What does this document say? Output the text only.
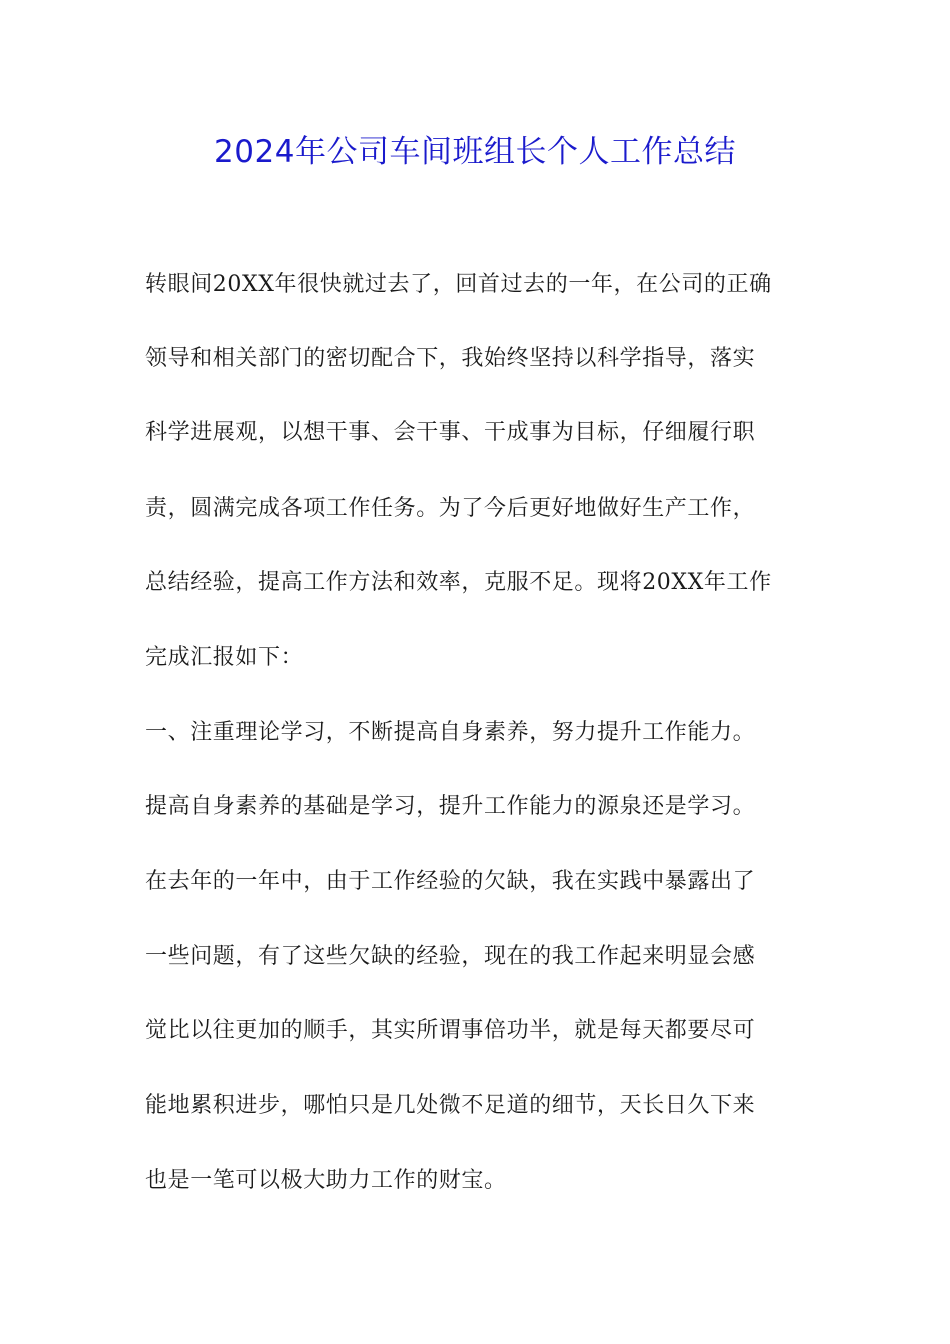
2024年公司车间班组长个人工作总结
转眼间20XX年很快就过去了，回首过去的一年，在公司的正确
领导和相关部门的密切配合下，我始终坚持以科学指导，落实
科学进展观，以想干事、会干事、干成事为目标，仔细履行职
责，圆满完成各项工作任务。为了今后更好地做好生产工作，
总结经验，提高工作方法和效率，克服不足。现将20XX年工作
完成汇报如下：
一、注重理论学习，不断提高自身素养，努力提升工作能力。
提高自身素养的基础是学习，提升工作能力的源泉还是学习。
在去年的一年中，由于工作经验的欠缺，我在实践中暴露出了
一些问题，有了这些欠缺的经验，现在的我工作起来明显会感
觉比以往更加的顺手，其实所谓事倍功半，就是每天都要尽可
能地累积进步，哪怕只是几处微不足道的细节，天长日久下来
也是一笔可以极大助力工作的财宝。
